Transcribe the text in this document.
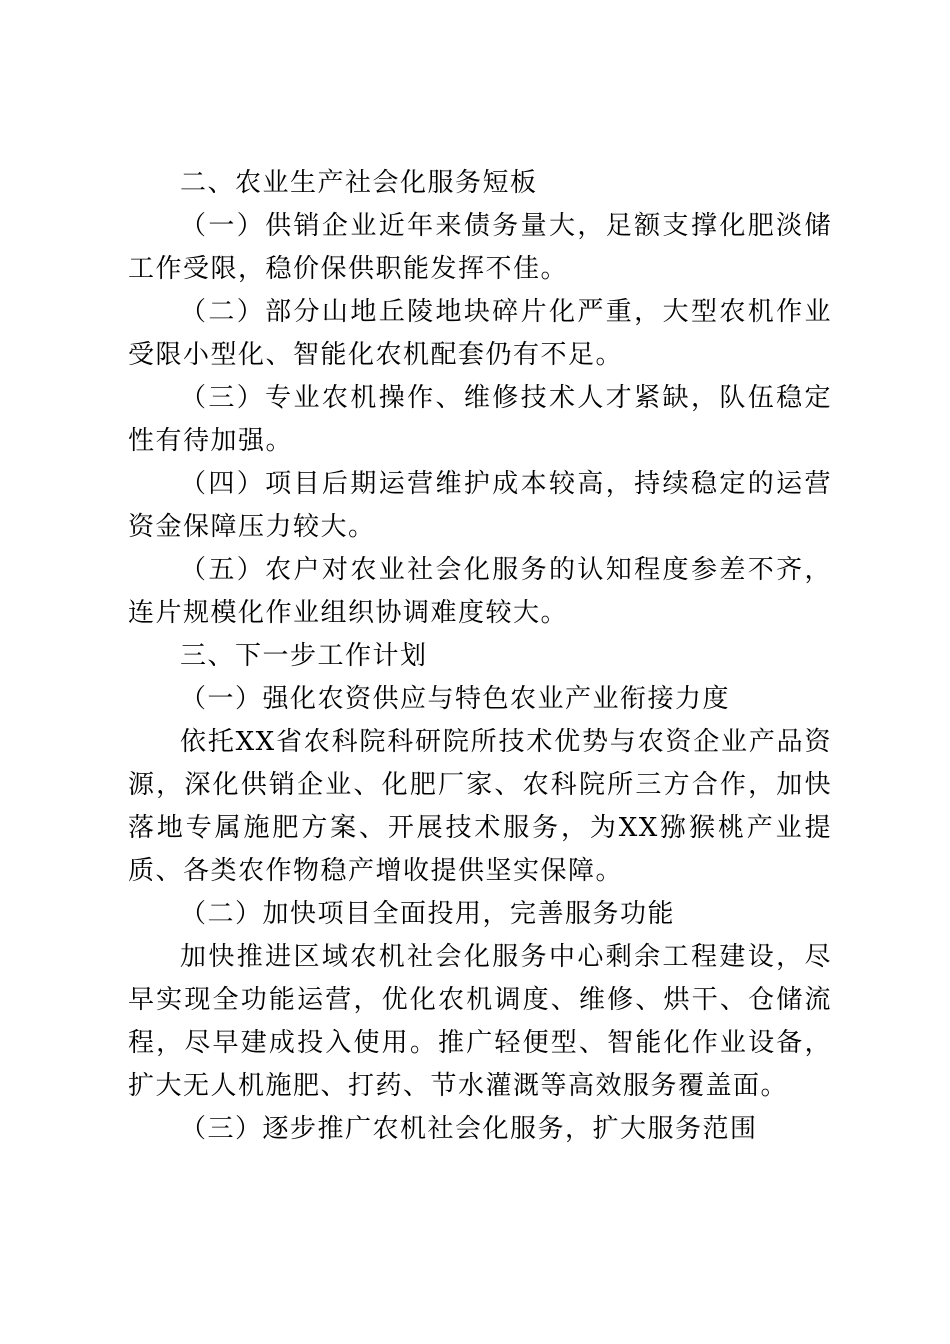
二、农业生产社会化服务短板

（一）供销企业近年来债务量大，足额支撑化肥淡储工作受限，稳价保供职能发挥不佳。

（二）部分山地丘陵地块碎片化严重，大型农机作业受限小型化、智能化农机配套仍有不足。

（三）专业农机操作、维修技术人才紧缺，队伍稳定性有待加强。

（四）项目后期运营维护成本较高，持续稳定的运营资金保障压力较大。

（五）农户对农业社会化服务的认知程度参差不齐，连片规模化作业组织协调难度较大。

三、下一步工作计划

（一）强化农资供应与特色农业产业衔接力度

依托XX省农科院科研院所技术优势与农资企业产品资源，深化供销企业、化肥厂家、农科院所三方合作，加快落地专属施肥方案、开展技术服务，为XX猕猴桃产业提质、各类农作物稳产增收提供坚实保障。

（二）加快项目全面投用，完善服务功能

加快推进区域农机社会化服务中心剩余工程建设，尽早实现全功能运营，优化农机调度、维修、烘干、仓储流程，尽早建成投入使用。推广轻便型、智能化作业设备，扩大无人机施肥、打药、节水灌溉等高效服务覆盖面。

（三）逐步推广农机社会化服务，扩大服务范围
